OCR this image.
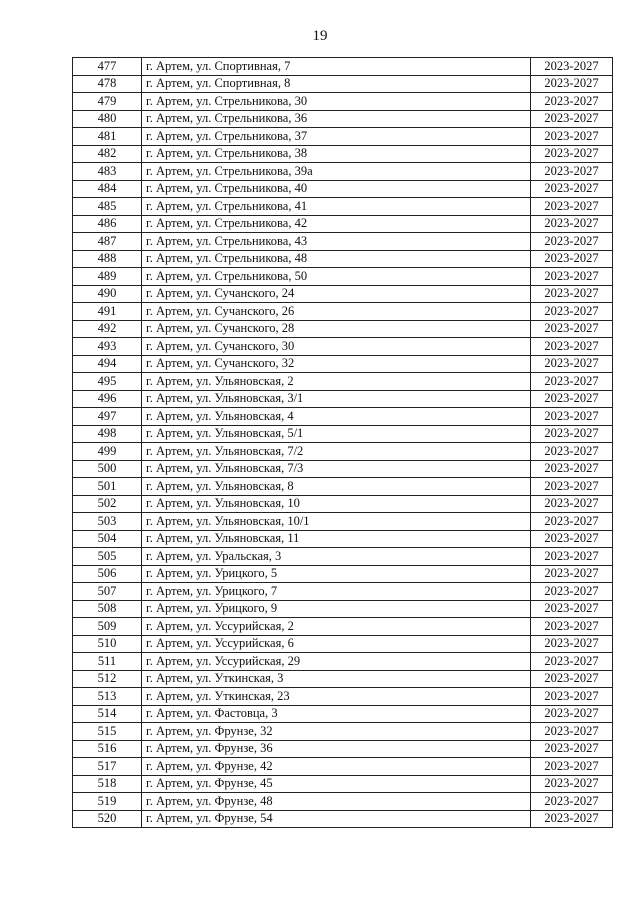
19
477	г. Артем, ул. Спортивная, 7	2023-2027
478	г. Артем, ул. Спортивная, 8	2023-2027
479	г. Артем, ул. Стрельникова, 30	2023-2027
480	г. Артем, ул. Стрельникова, 36	2023-2027
481	г. Артем, ул. Стрельникова, 37	2023-2027
482	г. Артем, ул. Стрельникова, 38	2023-2027
483	г. Артем, ул. Стрельникова, 39а	2023-2027
484	г. Артем, ул. Стрельникова, 40	2023-2027
485	г. Артем, ул. Стрельникова, 41	2023-2027
486	г. Артем, ул. Стрельникова, 42	2023-2027
487	г. Артем, ул. Стрельникова, 43	2023-2027
488	г. Артем, ул. Стрельникова, 48	2023-2027
489	г. Артем, ул. Стрельникова, 50	2023-2027
490	г. Артем, ул. Сучанского, 24	2023-2027
491	г. Артем, ул. Сучанского, 26	2023-2027
492	г. Артем, ул. Сучанского, 28	2023-2027
493	г. Артем, ул. Сучанского, 30	2023-2027
494	г. Артем, ул. Сучанского, 32	2023-2027
495	г. Артем, ул. Ульяновская, 2	2023-2027
496	г. Артем, ул. Ульяновская, 3/1	2023-2027
497	г. Артем, ул. Ульяновская, 4	2023-2027
498	г. Артем, ул. Ульяновская, 5/1	2023-2027
499	г. Артем, ул. Ульяновская, 7/2	2023-2027
500	г. Артем, ул. Ульяновская, 7/3	2023-2027
501	г. Артем, ул. Ульяновская, 8	2023-2027
502	г. Артем, ул. Ульяновская, 10	2023-2027
503	г. Артем, ул. Ульяновская, 10/1	2023-2027
504	г. Артем, ул. Ульяновская, 11	2023-2027
505	г. Артем, ул. Уральская, 3	2023-2027
506	г. Артем, ул. Урицкого, 5	2023-2027
507	г. Артем, ул. Урицкого, 7	2023-2027
508	г. Артем, ул. Урицкого, 9	2023-2027
509	г. Артем, ул. Уссурийская, 2	2023-2027
510	г. Артем, ул. Уссурийская, 6	2023-2027
511	г. Артем, ул. Уссурийская, 29	2023-2027
512	г. Артем, ул. Уткинская, 3	2023-2027
513	г. Артем, ул. Уткинская, 23	2023-2027
514	г. Артем, ул. Фастовца, 3	2023-2027
515	г. Артем, ул. Фрунзе, 32	2023-2027
516	г. Артем, ул. Фрунзе, 36	2023-2027
517	г. Артем, ул. Фрунзе, 42	2023-2027
518	г. Артем, ул. Фрунзе, 45	2023-2027
519	г. Артем, ул. Фрунзе, 48	2023-2027
520	г. Артем, ул. Фрунзе, 54	2023-2027
